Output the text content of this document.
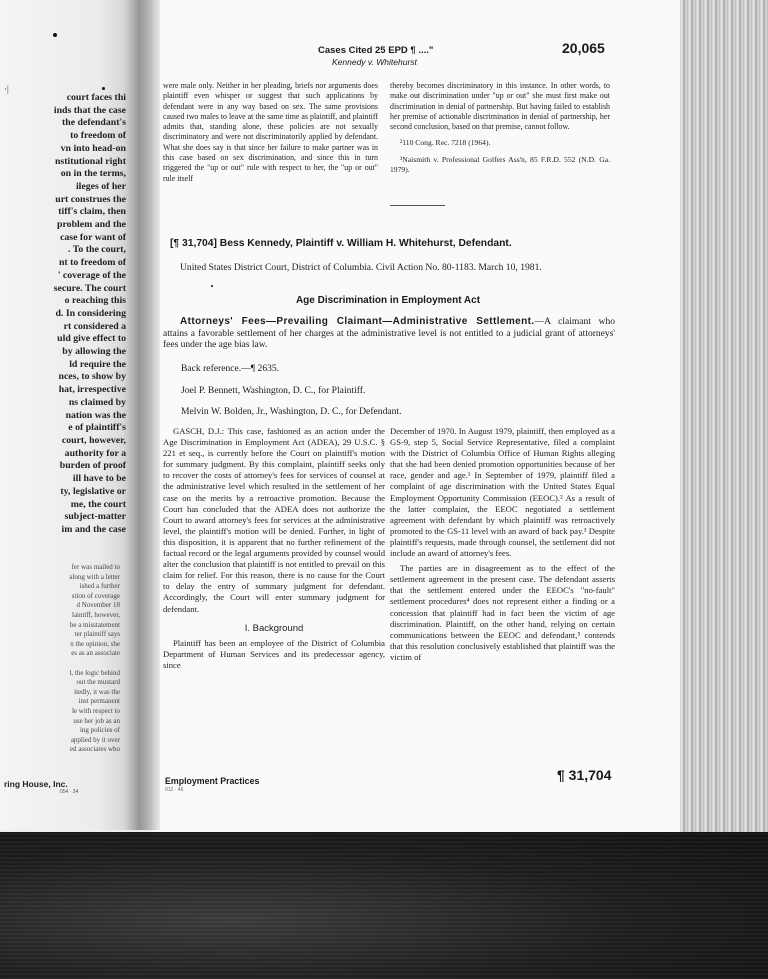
·|
court faces thi
inds that the case
the defendant's
to freedom of
vn into head-on
nstitutional right
on in the terms,
ileges of her
urt construes the
tiff's claim, then
problem and the
case for want of
. To the court,
nt to freedom of
' coverage of the
secure. The court
o reaching this
d. In considering
rt considered a
uld give effect to
by allowing the
ld require the
nces, to show by
hat, irrespective
ns claimed by
nation was the
e of plaintiff's
court, however,
authority for a
burden of proof
ill have to be
ty, legislative or
me, the court
subject-matter
im and the case
fer was mailed to
along with a letter
ished a further
stion of coverage
d November 18
laintiff, however,
be a misstatement
ter plaintiff says
n the opinion, she
es as an associate

l, the logic behind
out the mustard
itedly, it was the
inst permanent
le with respect to
use her job as an
ing policies of
applied by it over
ed associates who
ring House, Inc.
054 · 34
Cases Cited 25 EPD ¶ ...."
Kennedy v. Whitehurst
20,065

were male only. Neither in her pleading, briefs nor arguments does plaintiff even whisper or suggest that such applications by defendant were in any way based on sex. The same provisions caused two males to leave at the same time as plaintiff, and plaintiff admits that, standing alone, these policies are not sexually discriminatory and were not discriminatorily applied by defendant. What she does say is that since her failure to make partner was in this case based on sex discrimination, and since this in turn triggered the "up or out" rule with respect to her, the "up or out" rule itself

thereby becomes discriminatory in this instance. In other words, to make out discrimination under "up or out" she must first make out discrimination in denial of partnership. But having failed to establish her premise of actionable discrimination in denial of partnership, her second conclusion, based on that premise, cannot follow.

²110 Cong. Rec. 7218 (1964).

³Naismith v. Professional Golfers Ass'n, 85 F.R.D. 552 (N.D. Ga. 1979).

[¶ 31,704] Bess Kennedy, Plaintiff v. William H. Whitehurst, Defendant.
United States District Court, District of Columbia. Civil Action No. 80-1183. March 10, 1981.
Age Discrimination in Employment Act
Attorneys' Fees—Prevailing Claimant—Administrative Settlement.—A claimant who attains a favorable settlement of her charges at the administrative level is not entitled to a judicial grant of attorneys' fees under the age bias law.
Back reference.—¶ 2635.
Joel P. Bennett, Washington, D. C., for Plaintiff.
Melvin W. Bolden, Jr., Washington, D. C., for Defendant.

GASCH, D.J.: This case, fashioned as an action under the Age Discrimination in Employment Act (ADEA), 29 U.S.C. § 221 et seq., is currently before the Court on plaintiff's motion for summary judgment. By this complaint, plaintiff seeks only to recover the costs of attorney's fees for services of counsel at the administrative level which resulted in the settlement of her case on the merits by a retroactive promotion. Because the Court has concluded that the ADEA does not authorize the Court to award attorney's fees for services at the administrative level, the plaintiff's motion will be denied. Further, in light of this disposition, it is apparent that no further refinement of the factual record or the legal arguments provided by counsel would alter the conclusion that plaintiff is not entitled to prevail on this claim for relief. For this reason, there is no cause for the Court to delay the entry of summary judgment for defendant. Accordingly, the Court will enter summary judgment for defendant.

I. Background

Plaintiff has been an employee of the District of Columbia Department of Human Services and its predecessor agency, since

December of 1970. In August 1979, plaintiff, then employed as a GS-9, step 5, Social Service Representative, filed a complaint with the District of Columbia Office of Human Rights alleging that she had been denied promotion opportunities because of her race, gender and age.¹ In September of 1979, plaintiff filed a complaint of age discrimination with the United States Equal Employment Opportunity Commission (EEOC).² As a result of the latter complaint, the EEOC negotiated a settlement agreement with defendant by which plaintiff was retroactively promoted to the GS-11 level with an award of back pay.³ Despite plaintiff's requests, made through counsel, the settlement did not include an award of attorney's fees.

The parties are in disagreement as to the effect of the settlement agreement in the present case. The defendant asserts that the settlement entered under the EEOC's "no-fault" settlement procedures⁴ does not represent either a finding or a concession that plaintiff had in fact been the victim of age discrimination. Plaintiff, on the other hand, relying on certain communications between the EEOC and defendant,⁵ contends that this resolution conclusively established that plaintiff was the victim of

Employment Practices
012 · 46
¶ 31,704
